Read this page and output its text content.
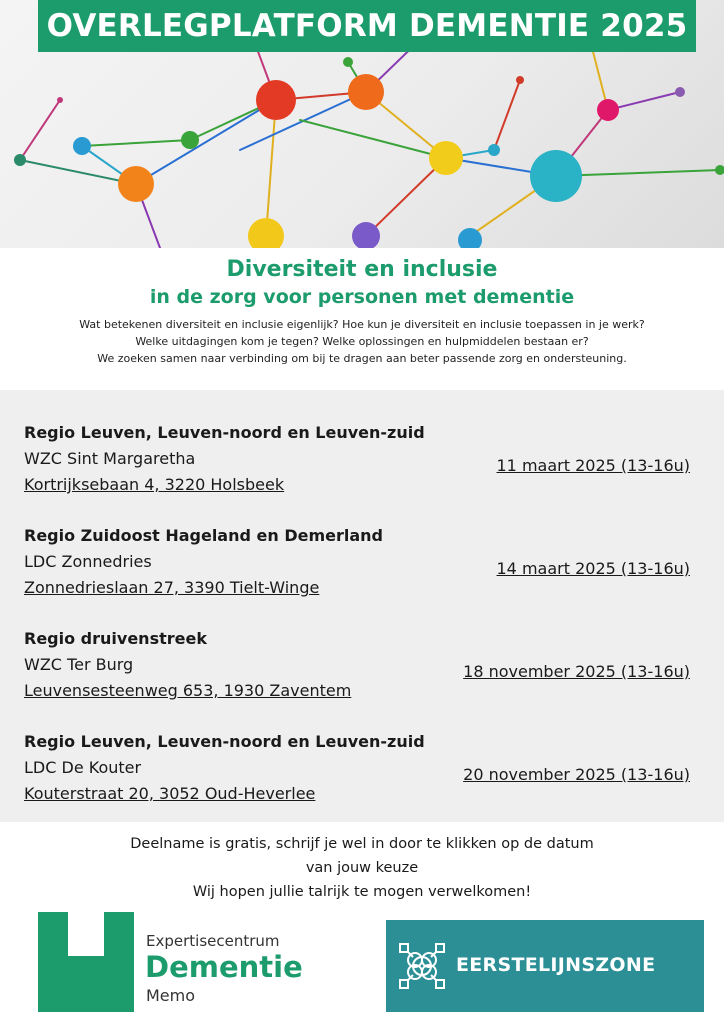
OVERLEGPLATFORM DEMENTIE 2025
Diversiteit en inclusie
in de zorg voor personen met dementie

Wat betekenen diversiteit en inclusie eigenlijk? Hoe kun je diversiteit en inclusie toepassen in je werk?
Welke uitdagingen kom je tegen? Welke oplossingen en hulpmiddelen bestaan er?
We zoeken samen naar verbinding om bij te dragen aan beter passende zorg en ondersteuning.

Regio Leuven, Leuven-noord en Leuven-zuid
WZC Sint Margaretha
Kortrijksebaan 4, 3220 Holsbeek
11 maart 2025 (13-16u)
Regio Zuidoost Hageland en Demerland
LDC Zonnedries
Zonnedrieslaan 27, 3390 Tielt-Winge
14 maart 2025 (13-16u)
Regio druivenstreek
WZC Ter Burg
Leuvensesteenweg 653, 1930 Zaventem
18 november 2025 (13-16u)
Regio Leuven, Leuven-noord en Leuven-zuid
LDC De Kouter
Kouterstraat 20, 3052 Oud-Heverlee
20 november 2025 (13-16u)
Deelname is gratis, schrijf je wel in door te klikken op de datum
van jouw keuze
Wij hopen jullie talrijk te mogen verwelkomen!
Expertisecentrum
Dementie
Memo
EERSTELIJNSZONE
